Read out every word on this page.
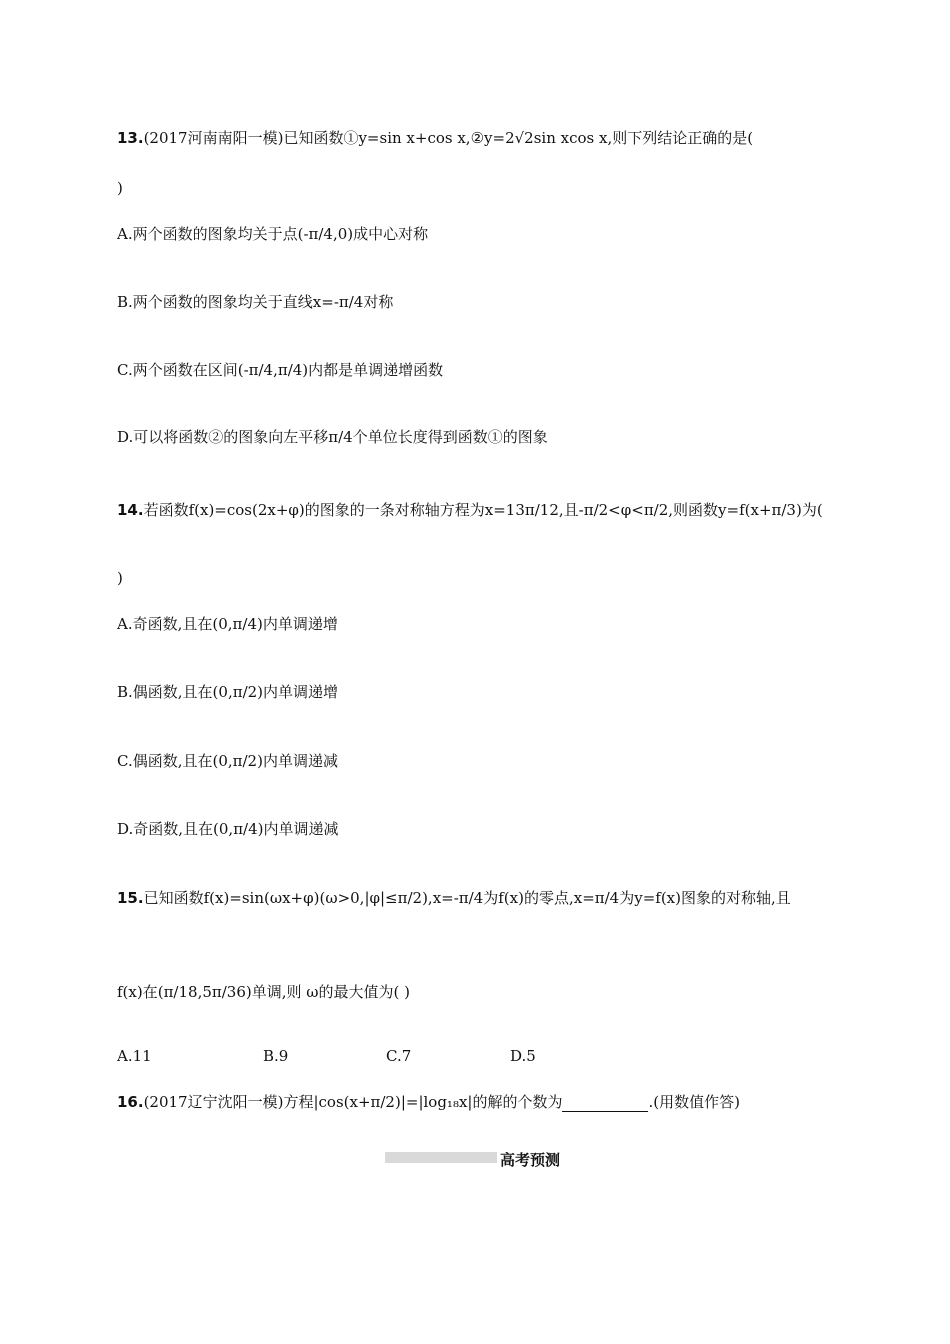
13.(2017河南南阳一模)已知函数①y=sin x+cos x,②y=2√2sin xcos x,则下列结论正确的是(
)
A.两个函数的图象均关于点(-π/4,0)成中心对称
B.两个函数的图象均关于直线x=-π/4对称
C.两个函数在区间(-π/4,π/4)内都是单调递增函数
D.可以将函数②的图象向左平移π/4个单位长度得到函数①的图象
14.若函数f(x)=cos(2x+φ)的图象的一条对称轴方程为x=13π/12,且-π/2<φ<π/2,则函数y=f(x+π/3)为(
)
A.奇函数,且在(0,π/4)内单调递增
B.偶函数,且在(0,π/2)内单调递增
C.偶函数,且在(0,π/2)内单调递减
D.奇函数,且在(0,π/4)内单调递减
15.已知函数f(x)=sin(ωx+φ)(ω>0,|φ|≤π/2),x=-π/4为f(x)的零点,x=π/4为y=f(x)图象的对称轴,且
f(x)在(π/18,5π/36)单调,则 ω的最大值为( )
A.11	B.9	C.7	D.5
16.(2017辽宁沈阳一模)方程|cos(x+π/2)|=|log₁₈x|的解的个数为	.(用数值作答)
高考预测
